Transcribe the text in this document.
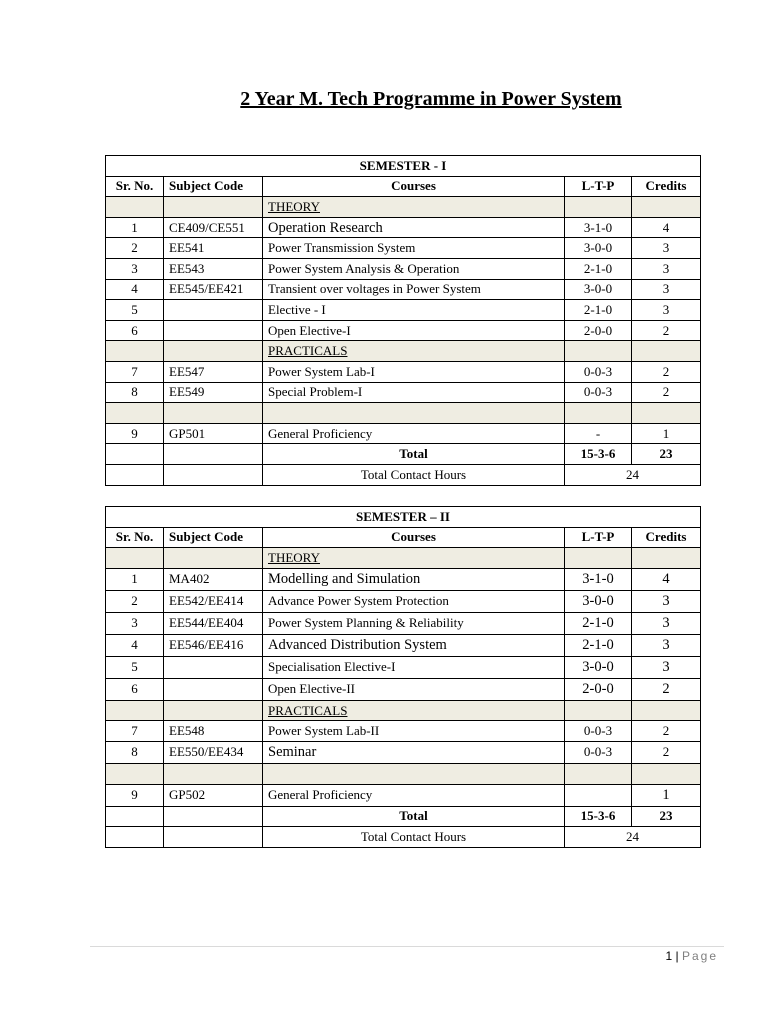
2 Year M. Tech Programme in Power System
SEMESTER - I				
Sr. No.	Subject Code	Courses	L-T-P	Credits
		THEORY		
1	CE409/CE551	Operation Research	3-1-0	4
2	EE541	Power Transmission System	3-0-0	3
3	EE543	Power System Analysis & Operation	2-1-0	3
4	EE545/EE421	Transient over voltages in Power System	3-0-0	3
5		Elective - I	2-1-0	3
6		Open Elective-I	2-0-0	2
		PRACTICALS		
7	EE547	Power System Lab-I	0-0-3	2
8	EE549	Special Problem-I	0-0-3	2

9	GP501	General Proficiency	-	1
		Total	15-3-6	23
		Total Contact Hours	24	
SEMESTER – II				
Sr. No.	Subject Code	Courses	L-T-P	Credits
		THEORY		
1	MA402	Modelling and Simulation	3-1-0	4
2	EE542/EE414	Advance Power System Protection	3-0-0	3
3	EE544/EE404	Power System Planning & Reliability	2-1-0	3
4	EE546/EE416	Advanced Distribution System	2-1-0	3
5		Specialisation Elective-I	3-0-0	3
6		Open Elective-II	2-0-0	2
		PRACTICALS		
7	EE548	Power System Lab-II	0-0-3	2
8	EE550/EE434	Seminar	0-0-3	2

9	GP502	General Proficiency		1
		Total	15-3-6	23
		Total Contact Hours	24	
1 | Page
